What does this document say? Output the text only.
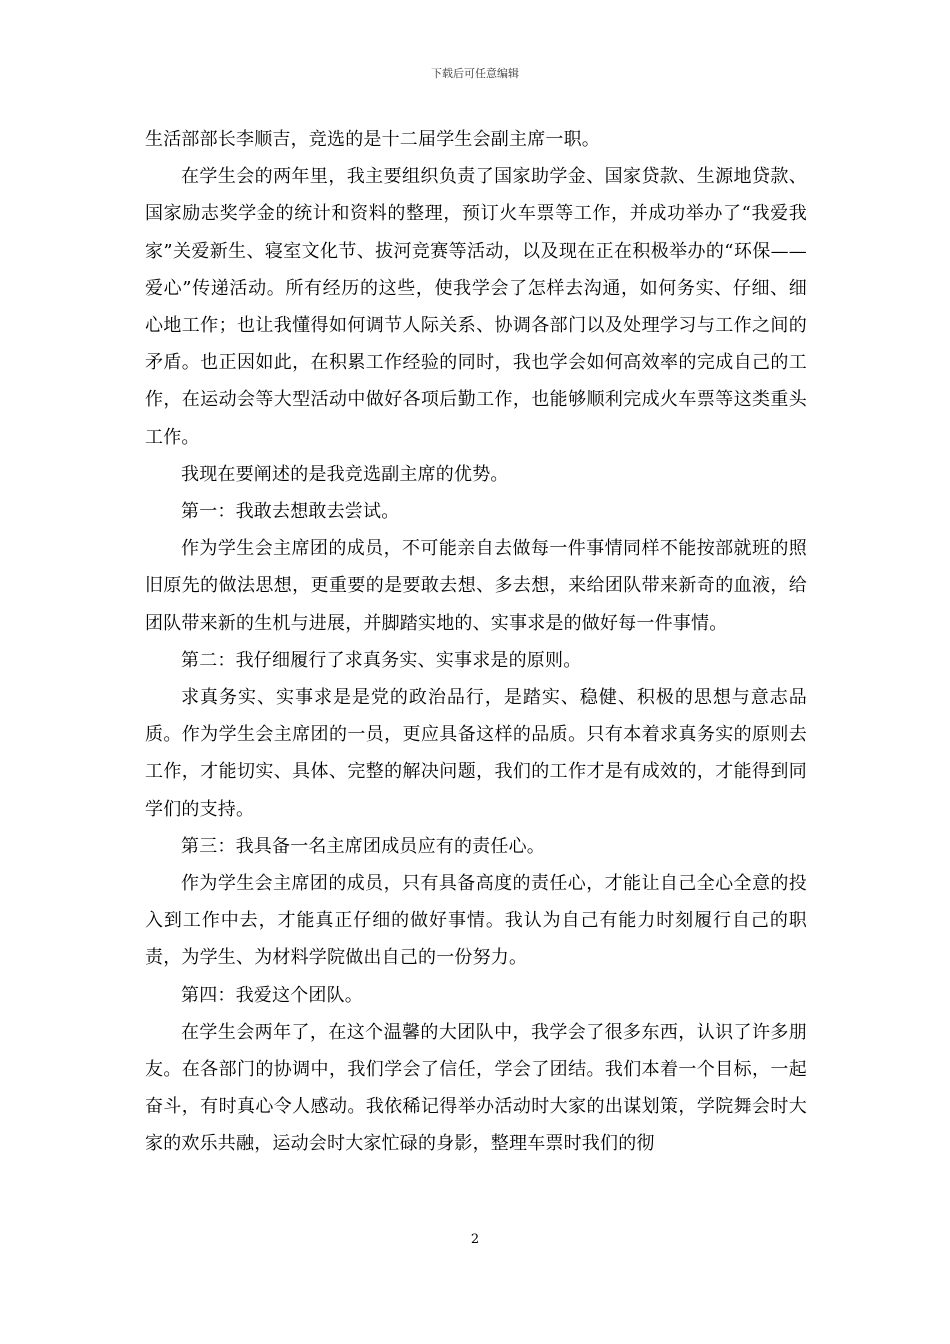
下载后可任意编辑

生活部部长李顺吉，竞选的是十二届学生会副主席一职。

在学生会的两年里，我主要组织负责了国家助学金、国家贷款、生源地贷款、国家励志奖学金的统计和资料的整理，预订火车票等工作，并成功举办了“我爱我家”关爱新生、寝室文化节、拔河竞赛等活动，以及现在正在积极举办的“环保——爱心”传递活动。所有经历的这些，使我学会了怎样去沟通，如何务实、仔细、细心地工作；也让我懂得如何调节人际关系、协调各部门以及处理学习与工作之间的矛盾。也正因如此，在积累工作经验的同时，我也学会如何高效率的完成自己的工作，在运动会等大型活动中做好各项后勤工作，也能够顺利完成火车票等这类重头工作。

我现在要阐述的是我竞选副主席的优势。

第一：我敢去想敢去尝试。

作为学生会主席团的成员，不可能亲自去做每一件事情同样不能按部就班的照旧原先的做法思想，更重要的是要敢去想、多去想，来给团队带来新奇的血液，给团队带来新的生机与进展，并脚踏实地的、实事求是的做好每一件事情。

第二：我仔细履行了求真务实、实事求是的原则。

求真务实、实事求是是党的政治品行，是踏实、稳健、积极的思想与意志品质。作为学生会主席团的一员，更应具备这样的品质。只有本着求真务实的原则去工作，才能切实、具体、完整的解决问题，我们的工作才是有成效的，才能得到同学们的支持。

第三：我具备一名主席团成员应有的责任心。

作为学生会主席团的成员，只有具备高度的责任心，才能让自己全心全意的投入到工作中去，才能真正仔细的做好事情。我认为自己有能力时刻履行自己的职责，为学生、为材料学院做出自己的一份努力。

第四：我爱这个团队。

在学生会两年了，在这个温馨的大团队中，我学会了很多东西，认识了许多朋友。在各部门的协调中，我们学会了信任，学会了团结。我们本着一个目标，一起奋斗，有时真心令人感动。我依稀记得举办活动时大家的出谋划策，学院舞会时大家的欢乐共融，运动会时大家忙碌的身影，整理车票时我们的彻

2
